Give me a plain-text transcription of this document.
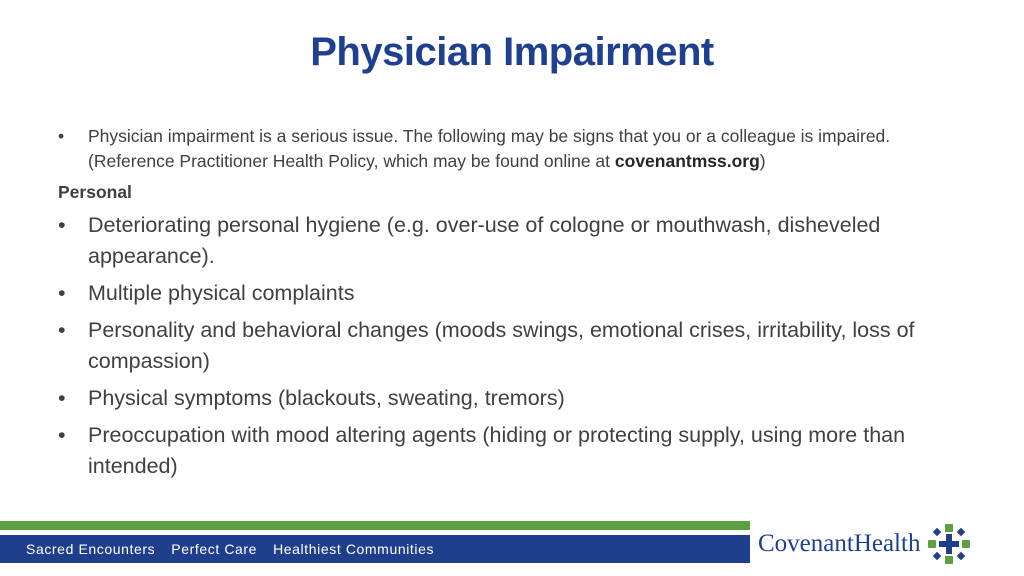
Physician Impairment
• Physician impairment is a serious issue. The following may be signs that you or a colleague is impaired. (Reference Practitioner Health Policy, which may be found online at covenantmss.org)
Personal
• Deteriorating personal hygiene (e.g. over-use of cologne or mouthwash, disheveled appearance).
• Multiple physical complaints
• Personality and behavioral changes (moods swings, emotional crises, irritability, loss of compassion)
• Physical symptoms (blackouts, sweating, tremors)
• Preoccupation with mood altering agents (hiding or protecting supply, using more than intended)
Sacred Encounters Perfect Care Healthiest Communities	CovenantHealth
